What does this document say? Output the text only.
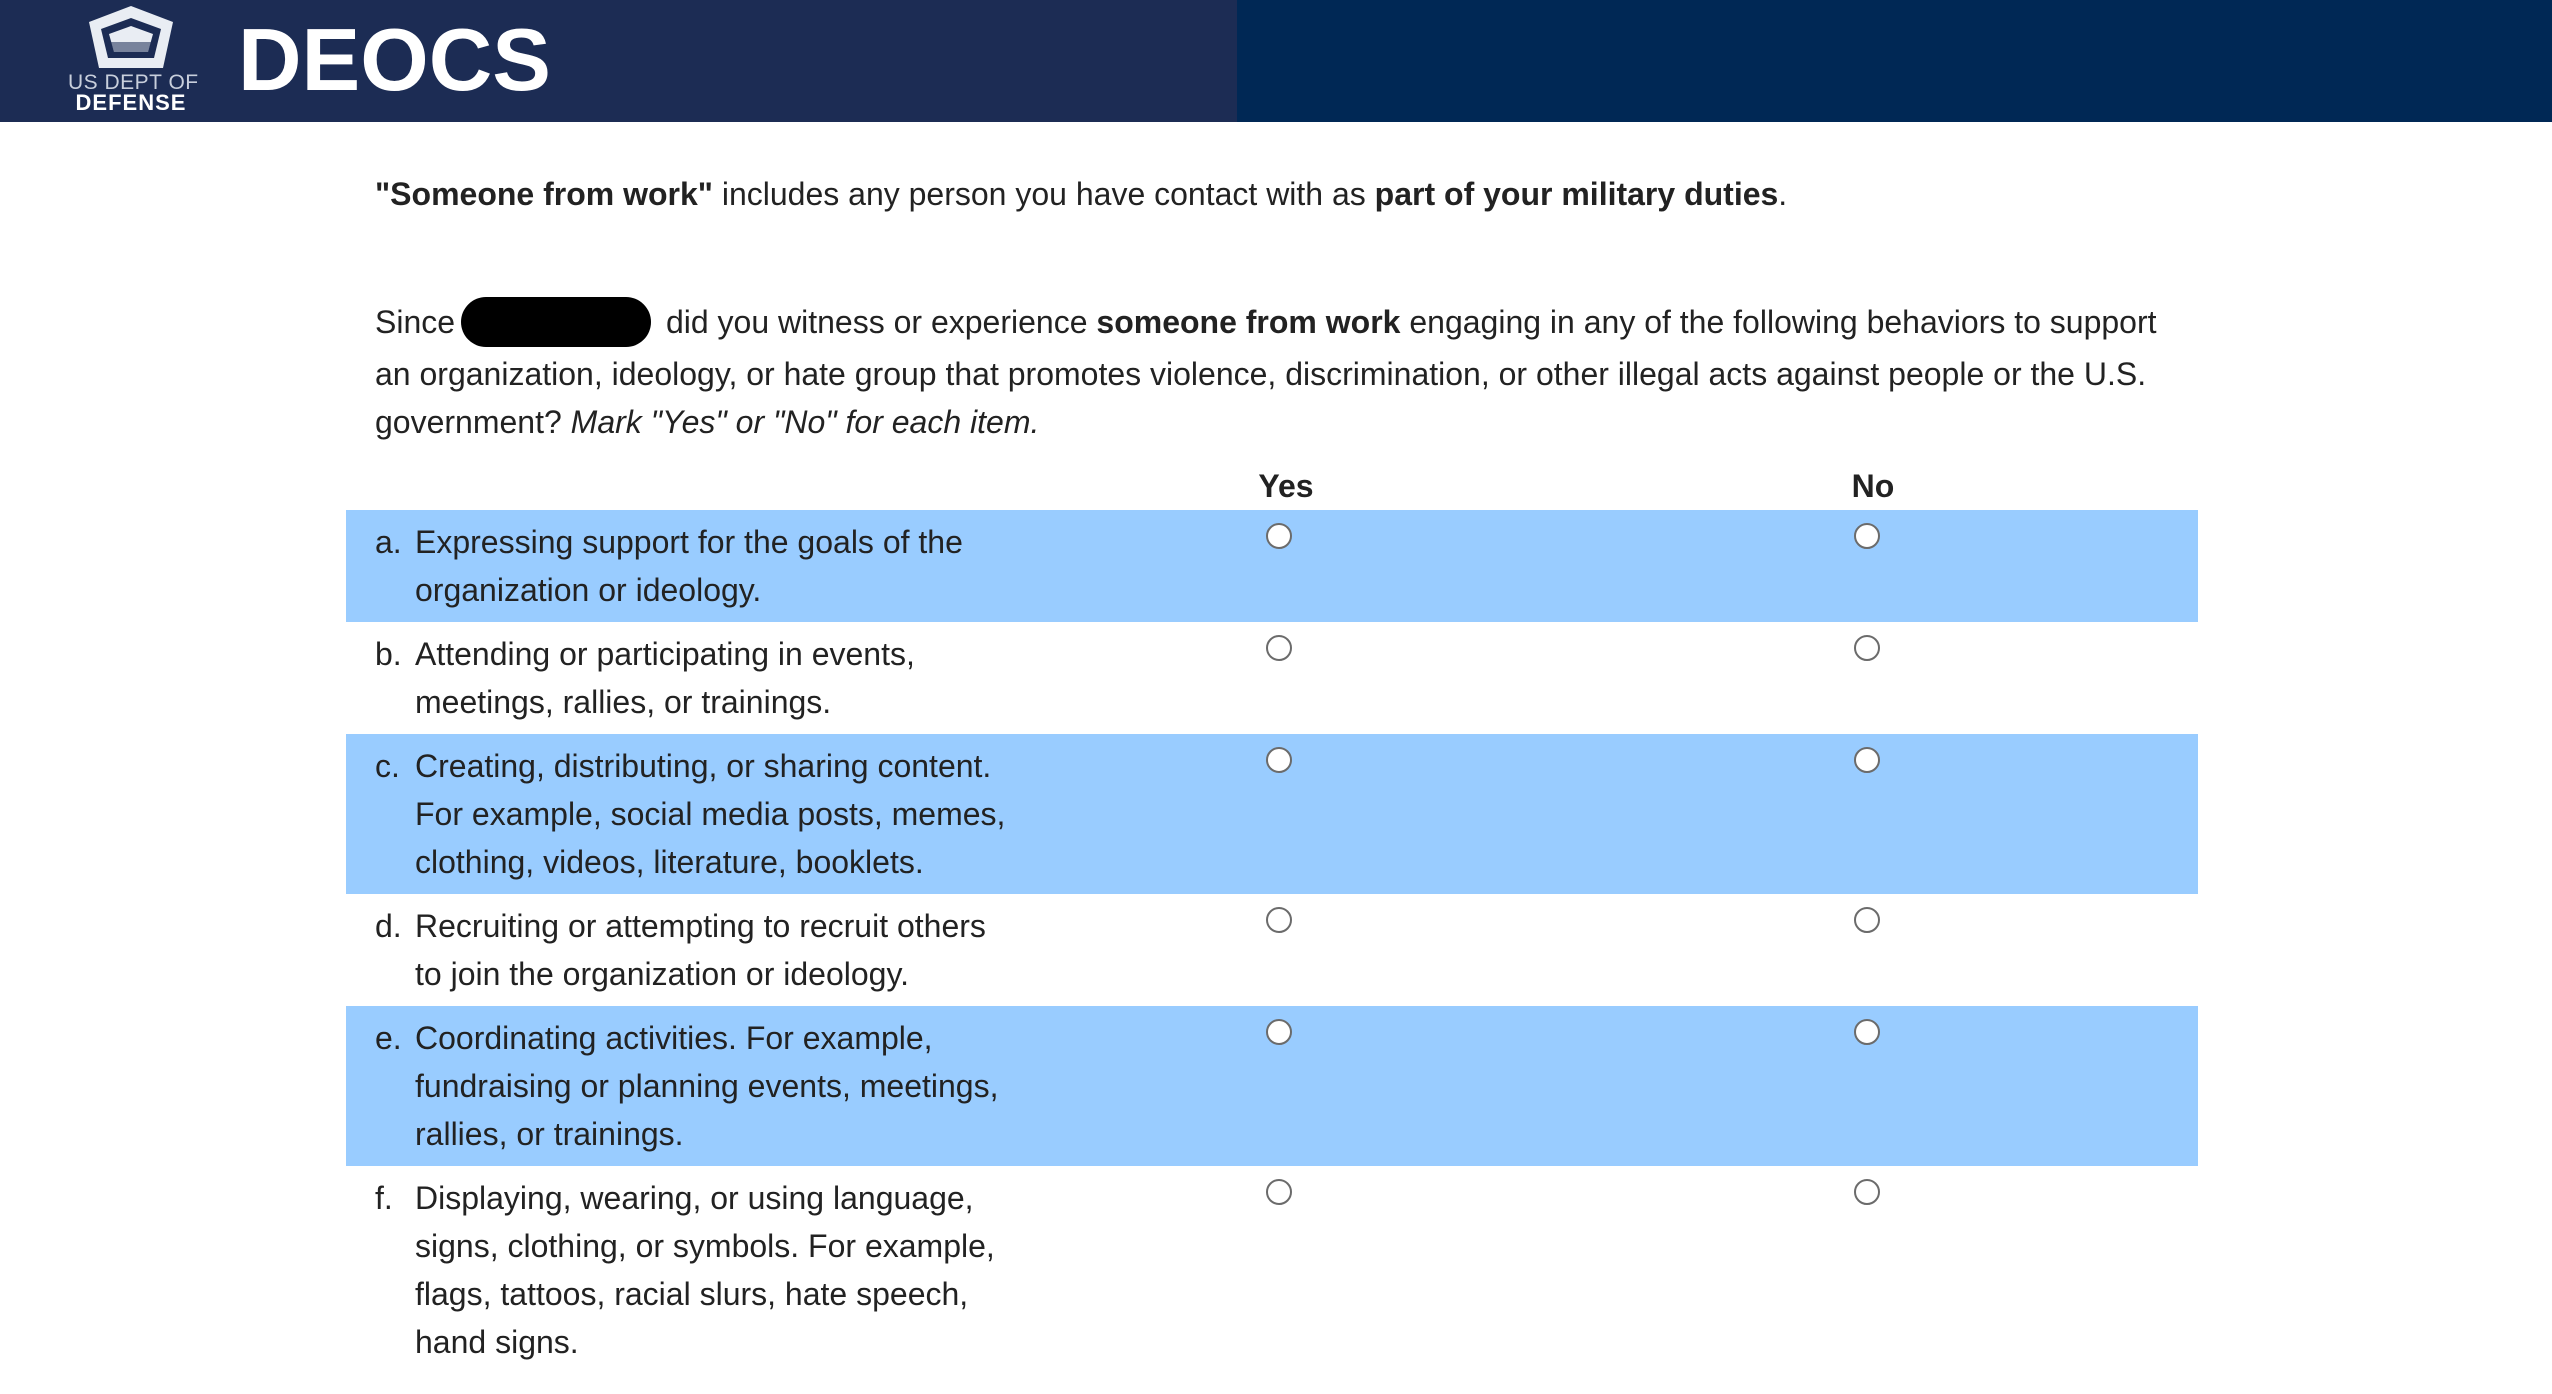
US DEPT OF
DEFENSE DEOCS
"Someone from work" includes any person you have contact with as part of your military duties.
Since	did you witness or experience someone from work engaging in any of the following behaviors to support an organization, ideology, or hate group that promotes violence, discrimination, or other illegal acts against people or the U.S. government? Mark "Yes" or "No" for each item.
Yes	No
a. Expressing support for the goals of the organization or ideology.
b. Attending or participating in events, meetings, rallies, or trainings.
c. Creating, distributing, or sharing content. For example, social media posts, memes, clothing, videos, literature, booklets.
d. Recruiting or attempting to recruit others to join the organization or ideology.
e. Coordinating activities. For example, fundraising or planning events, meetings, rallies, or trainings.
f. Displaying, wearing, or using language, signs, clothing, or symbols. For example, flags, tattoos, racial slurs, hate speech, hand signs.
